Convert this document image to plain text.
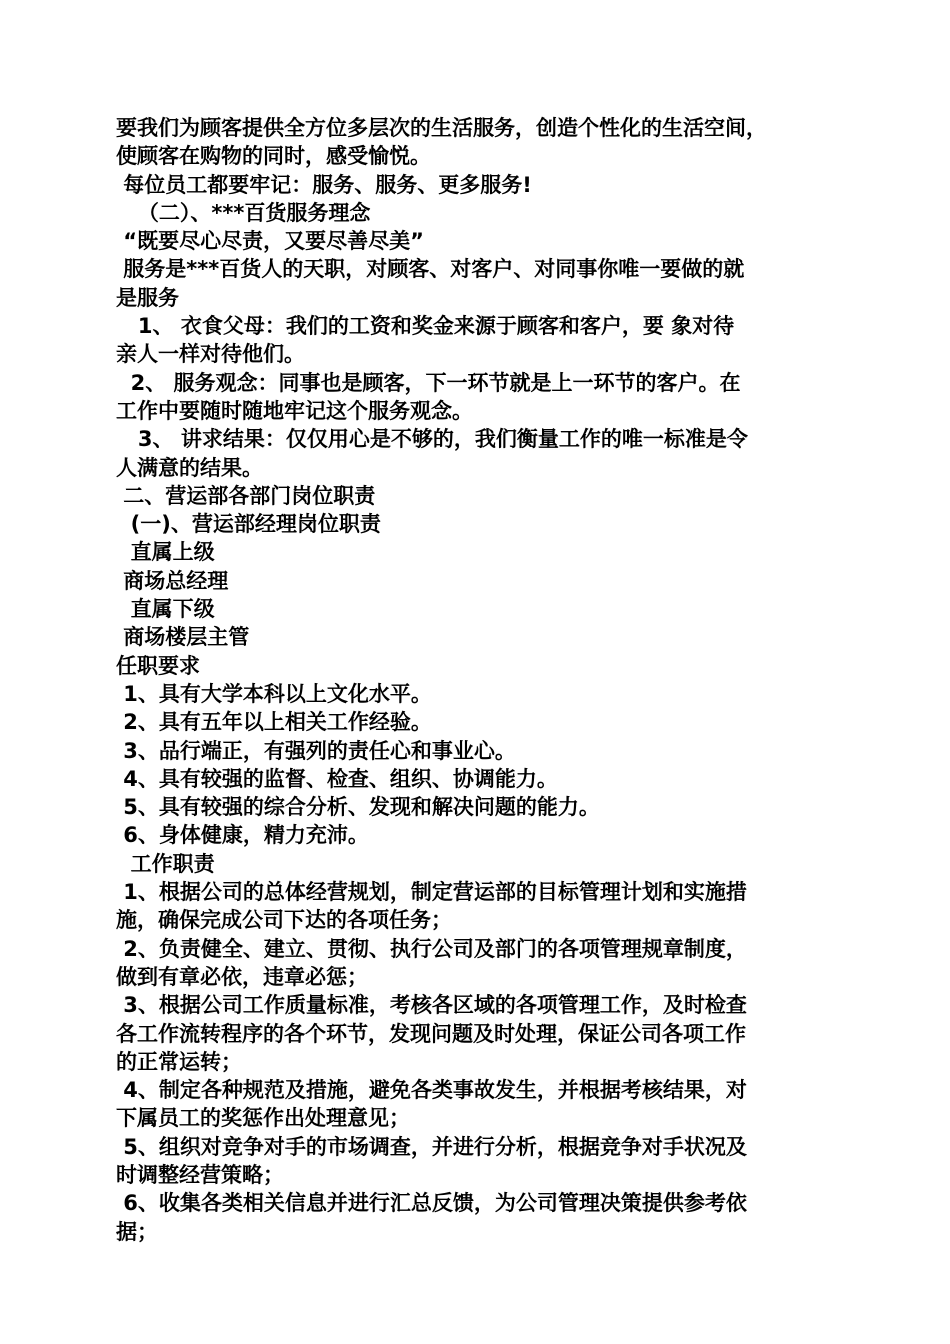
要我们为顾客提供全方位多层次的生活服务，创造个性化的生活空间，
使顾客在购物的同时，感受愉悦。
每位员工都要牢记：服务、服务、更多服务!
（二）、***百货服务理念
“既要尽心尽责，又要尽善尽美”
服务是***百货人的天职，对顾客、对客户、对同事你唯一要做的就
是服务
1、 衣食父母：我们的工资和奖金来源于顾客和客户，要 象对待
亲人一样对待他们。
2、 服务观念：同事也是顾客，下一环节就是上一环节的客户。在
工作中要随时随地牢记这个服务观念。
3、 讲求结果：仅仅用心是不够的，我们衡量工作的唯一标准是令
人满意的结果。
二、营运部各部门岗位职责
(一)、营运部经理岗位职责
直属上级
商场总经理
直属下级
商场楼层主管
任职要求
1、具有大学本科以上文化水平。
2、具有五年以上相关工作经验。
3、品行端正，有强列的责任心和事业心。
4、具有较强的监督、检查、组织、协调能力。
5、具有较强的综合分析、发现和解决问题的能力。
6、身体健康，精力充沛。
工作职责
1、根据公司的总体经营规划，制定营运部的目标管理计划和实施措
施，确保完成公司下达的各项任务；
2、负责健全、建立、贯彻、执行公司及部门的各项管理规章制度，
做到有章必依，违章必惩；
3、根据公司工作质量标准，考核各区域的各项管理工作，及时检查
各工作流转程序的各个环节，发现问题及时处理，保证公司各项工作
的正常运转；
4、制定各种规范及措施，避免各类事故发生，并根据考核结果，对
下属员工的奖惩作出处理意见；
5、组织对竞争对手的市场调查，并进行分析，根据竞争对手状况及
时调整经营策略；
6、收集各类相关信息并进行汇总反馈，为公司管理决策提供参考依
据；
